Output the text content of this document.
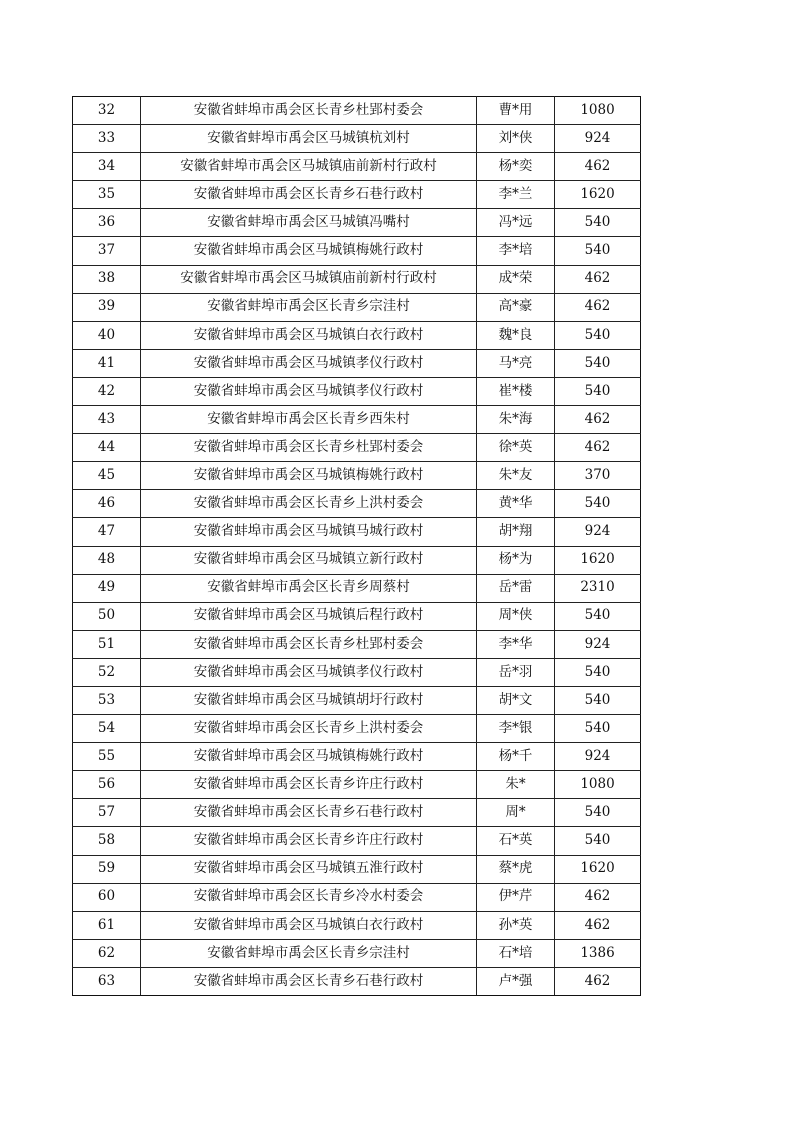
32	安徽省蚌埠市禹会区长青乡杜郢村委会	曹*用	1080
33	安徽省蚌埠市禹会区马城镇杭刘村	刘*侠	924
34	安徽省蚌埠市禹会区马城镇庙前新村行政村	杨*奕	462
35	安徽省蚌埠市禹会区长青乡石巷行政村	李*兰	1620
36	安徽省蚌埠市禹会区马城镇冯嘴村	冯*远	540
37	安徽省蚌埠市禹会区马城镇梅姚行政村	李*培	540
38	安徽省蚌埠市禹会区马城镇庙前新村行政村	成*荣	462
39	安徽省蚌埠市禹会区长青乡宗洼村	高*豪	462
40	安徽省蚌埠市禹会区马城镇白衣行政村	魏*良	540
41	安徽省蚌埠市禹会区马城镇孝仪行政村	马*亮	540
42	安徽省蚌埠市禹会区马城镇孝仪行政村	崔*楼	540
43	安徽省蚌埠市禹会区长青乡西朱村	朱*海	462
44	安徽省蚌埠市禹会区长青乡杜郢村委会	徐*英	462
45	安徽省蚌埠市禹会区马城镇梅姚行政村	朱*友	370
46	安徽省蚌埠市禹会区长青乡上洪村委会	黄*华	540
47	安徽省蚌埠市禹会区马城镇马城行政村	胡*翔	924
48	安徽省蚌埠市禹会区马城镇立新行政村	杨*为	1620
49	安徽省蚌埠市禹会区长青乡周蔡村	岳*雷	2310
50	安徽省蚌埠市禹会区马城镇后程行政村	周*侠	540
51	安徽省蚌埠市禹会区长青乡杜郢村委会	李*华	924
52	安徽省蚌埠市禹会区马城镇孝仪行政村	岳*羽	540
53	安徽省蚌埠市禹会区马城镇胡圩行政村	胡*文	540
54	安徽省蚌埠市禹会区长青乡上洪村委会	李*银	540
55	安徽省蚌埠市禹会区马城镇梅姚行政村	杨*千	924
56	安徽省蚌埠市禹会区长青乡许庄行政村	朱*	1080
57	安徽省蚌埠市禹会区长青乡石巷行政村	周*	540
58	安徽省蚌埠市禹会区长青乡许庄行政村	石*英	540
59	安徽省蚌埠市禹会区马城镇五淮行政村	蔡*虎	1620
60	安徽省蚌埠市禹会区长青乡冷水村委会	伊*芹	462
61	安徽省蚌埠市禹会区马城镇白衣行政村	孙*英	462
62	安徽省蚌埠市禹会区长青乡宗洼村	石*培	1386
63	安徽省蚌埠市禹会区长青乡石巷行政村	卢*强	462
